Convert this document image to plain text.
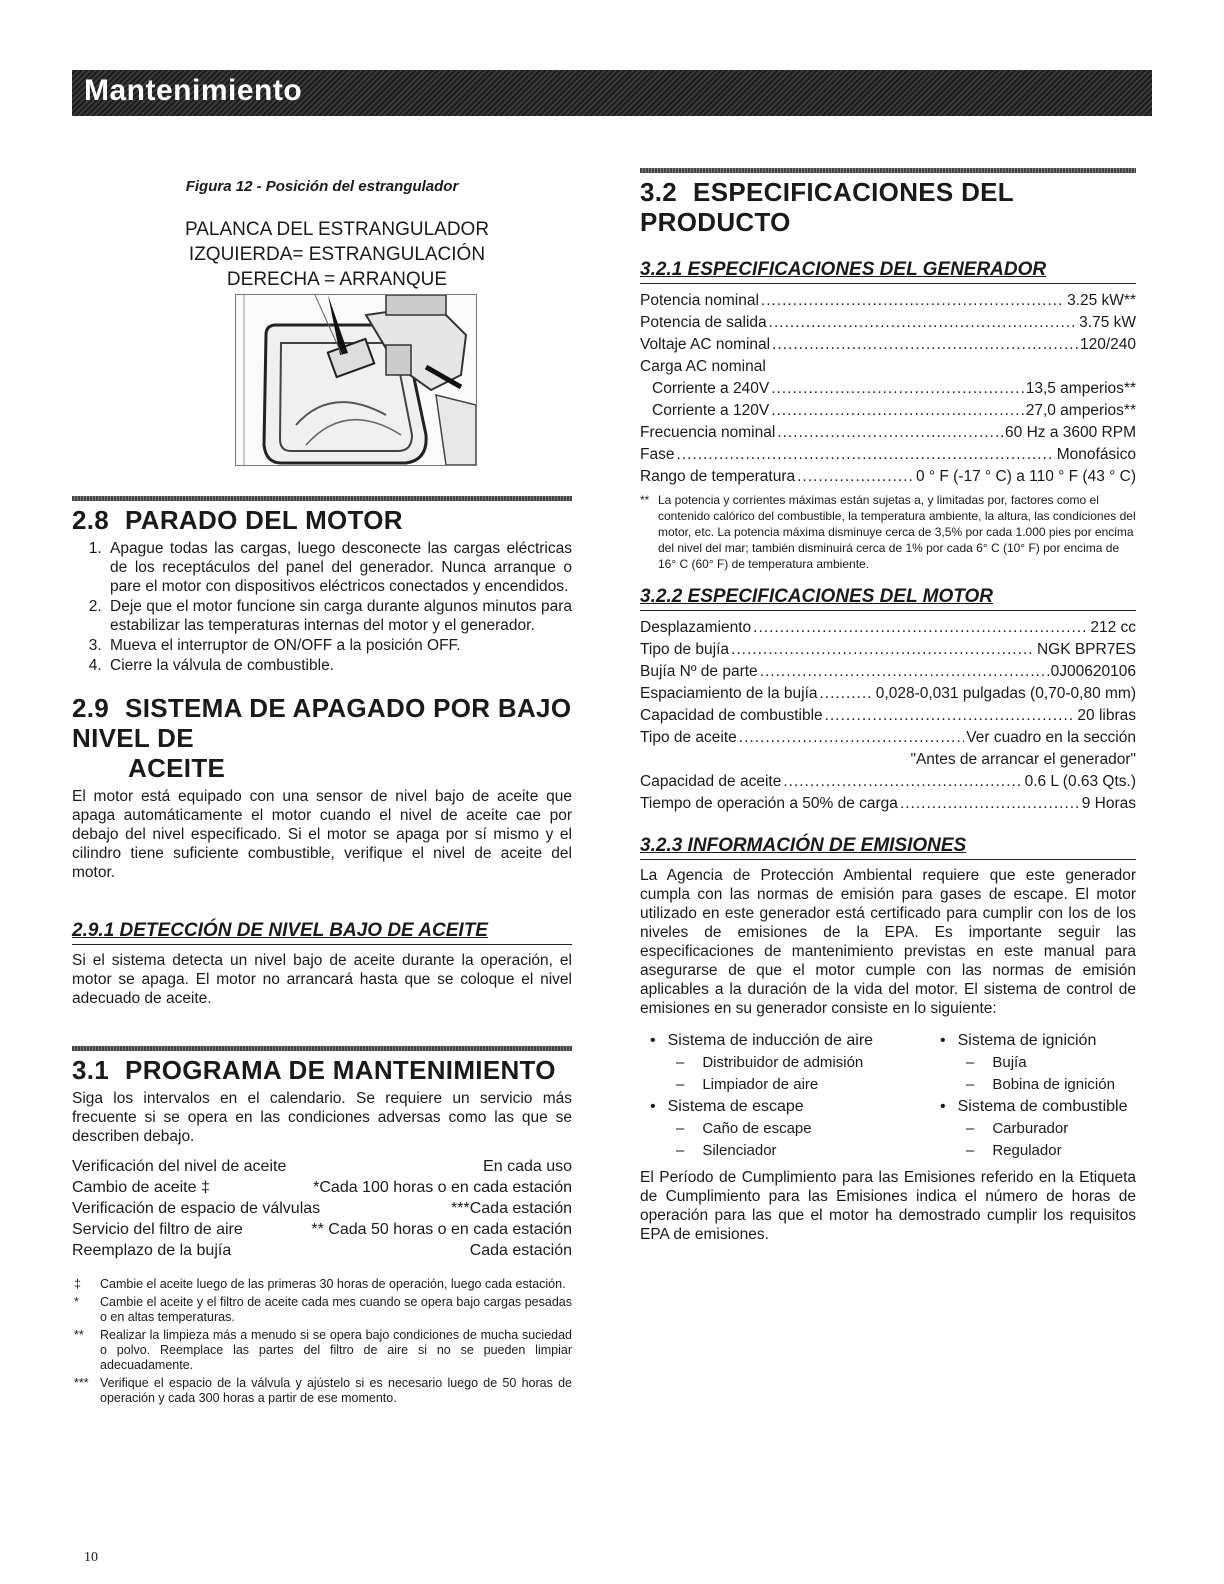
Mantenimiento
Figura 12 - Posición del estrangulador
PALANCA DEL ESTRANGULADOR
IZQUIERDA= ESTRANGULACIÓN
DERECHA = ARRANQUE
2.8 PARADO DEL MOTOR
1. Apague todas las cargas, luego desconecte las cargas eléctricas de los receptáculos del panel del generador. Nunca arranque o pare el motor con dispositivos eléctricos conectados y encendidos.
2. Deje que el motor funcione sin carga durante algunos minutos para estabilizar las temperaturas internas del motor y el generador.
3. Mueva el interruptor de ON/OFF a la posición OFF.
4. Cierre la válvula de combustible.
2.9 SISTEMA DE APAGADO POR BAJO NIVEL DE
ACEITE

El motor está equipado con una sensor de nivel bajo de aceite que apaga automáticamente el motor cuando el nivel de aceite cae por debajo del nivel especificado. Si el motor se apaga por sí mismo y el cilindro tiene suficiente combustible, verifique el nivel de aceite del motor.

2.9.1 DETECCIÓN DE NIVEL BAJO DE ACEITE

Si el sistema detecta un nivel bajo de aceite durante la operación, el motor se apaga. El motor no arrancará hasta que se coloque el nivel adecuado de aceite.

3.1 PROGRAMA DE MANTENIMIENTO

Siga los intervalos en el calendario. Se requiere un servicio más frecuente si se opera en las condiciones adversas como las que se describen debajo.

Verificación del nivel de aceite	En cada uso
Cambio de aceite ‡	*Cada 100 horas o en cada estación
Verificación de espacio de válvulas	***Cada estación
Servicio del filtro de aire	** Cada 50 horas o en cada estación
Reemplazo de la bujía	Cada estación
‡	Cambie el aceite luego de las primeras 30 horas de operación, luego cada estación.
*	Cambie el aceite y el filtro de aceite cada mes cuando se opera bajo cargas pesadas o en altas temperaturas.
**	Realizar la limpieza más a menudo si se opera bajo condiciones de mucha suciedad o polvo. Reemplace las partes del filtro de aire si no se pueden limpiar adecuadamente.
*** Verifique el espacio de la válvula y ajústelo si es necesario luego de 50 horas de operación y cada 300 horas a partir de ese momento.
10
3.2 ESPECIFICACIONES DEL PRODUCTO
3.2.1 ESPECIFICACIONES DEL GENERADOR
Potencia nominal .....	3.25 kW**
Potencia de salida .....	3.75 kW
Voltaje AC nominal .....	120/240
Carga AC nominal
Corriente a 240V .....	13,5 amperios**
Corriente a 120V .....	27,0 amperios**
Frecuencia nominal .....	60 Hz a 3600 RPM
Fase .....	Monofásico
Rango de temperatura .....	0 ° F (-17 ° C) a 110 ° F (43 ° C)
** La potencia y corrientes máximas están sujetas a, y limitadas por, factores como el contenido calórico del combustible, la temperatura ambiente, la altura, las condiciones del motor, etc. La potencia máxima disminuye cerca de 3,5% por cada 1.000 pies por encima del nivel del mar; también disminuirá cerca de 1% por cada 6° C (10° F) por encima de 16° C (60° F) de temperatura ambiente.
3.2.2 ESPECIFICACIONES DEL MOTOR
Desplazamiento .....	212 cc
Tipo de bujía .....	NGK BPR7ES
Bujía Nº de parte .....	0J00620106
Espaciamiento de la bujía .....	0,028-0,031 pulgadas (0,70-0,80 mm)
Capacidad de combustible .....	20 libras
Tipo de aceite .....	Ver cuadro en la sección
"Antes de arrancar el generador"
Capacidad de aceite .....	0.6 L (0.63 Qts.)
Tiempo de operación a 50% de carga .....	9 Horas
3.2.3 INFORMACIÓN DE EMISIONES

La Agencia de Protección Ambiental requiere que este generador cumpla con las normas de emisión para gases de escape. El motor utilizado en este generador está certificado para cumplir con los de los niveles de emisiones de la EPA. Es importante seguir las especificaciones de mantenimiento previstas en este manual para asegurarse de que el motor cumple con las normas de emisión aplicables a la duración de la vida del motor. El sistema de control de emisiones en su generador consiste en lo siguiente:

• Sistema de inducción de aire	• Sistema de ignición
– Distribuidor de admisión	– Bujía
– Limpiador de aire	– Bobina de ignición
• Sistema de escape	• Sistema de combustible
– Caño de escape	– Carburador
– Silenciador	– Regulador

El Período de Cumplimiento para las Emisiones referido en la Etiqueta de Cumplimiento para las Emisiones indica el número de horas de operación para las que el motor ha demostrado cumplir los requisitos EPA de emisiones.
